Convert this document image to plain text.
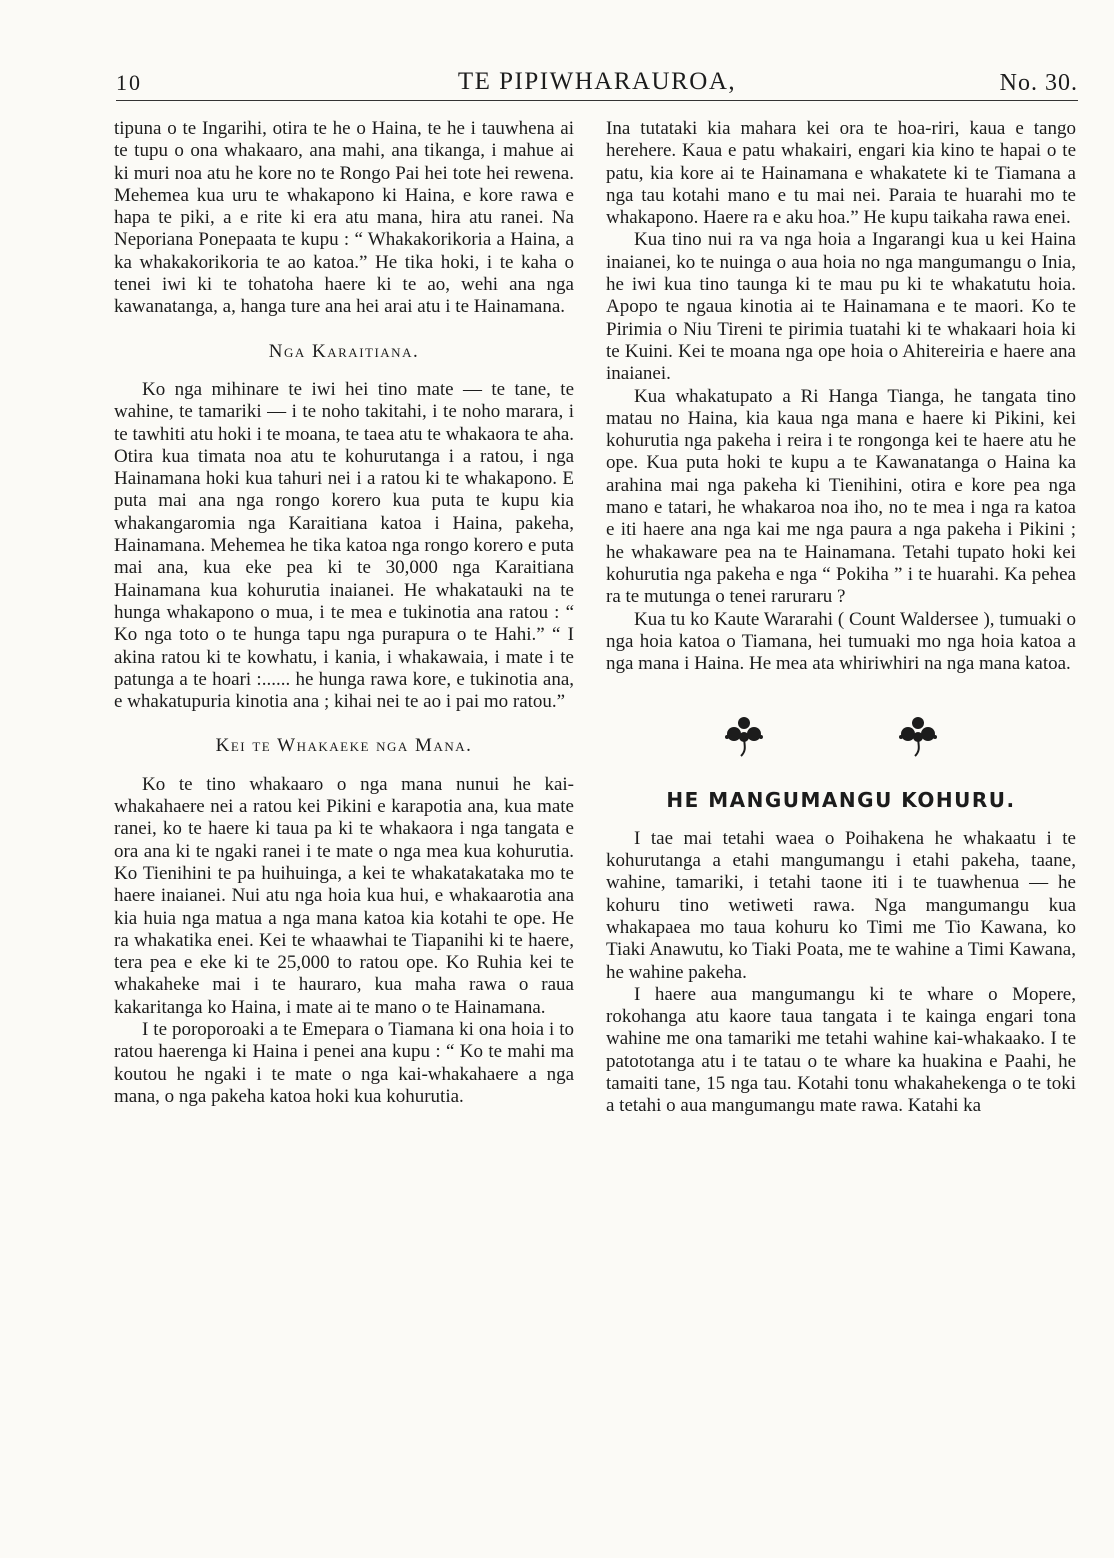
10	TE PIPIWHARAUROA,	No. 30.

tipuna o te Ingarihi, otira te he o Haina, te he i tauwhena ai te tupu o ona whakaaro, ana mahi, ana tikanga, i mahue ai ki muri noa atu he kore no te Rongo Pai hei tote hei rewena. Mehemea kua uru te whakapono ki Haina, e kore rawa e hapa te piki, a e rite ki era atu mana, hira atu ranei. Na Neporiana Ponepaata te kupu : “ Whakakorikoria a Haina, a ka whakakorikoria te ao katoa.” He tika hoki, i te kaha o tenei iwi ki te tohatoha haere ki te ao, wehi ana nga kawanatanga, a, hanga ture ana hei arai atu i te Hainamana.

Nga Karaitiana.

Ko nga mihinare te iwi hei tino mate — te tane, te wahine, te tamariki — i te noho takitahi, i te noho marara, i te tawhiti atu hoki i te moana, te taea atu te whakaora te aha. Otira kua timata noa atu te kohurutanga i a ratou, i nga Hainamana hoki kua tahuri nei i a ratou ki te whakapono. E puta mai ana nga rongo korero kua puta te kupu kia whakangaromia nga Karaitiana katoa i Haina, pakeha, Hainamana. Mehemea he tika katoa nga rongo korero e puta mai ana, kua eke pea ki te 30,000 nga Karaitiana Hainamana kua kohurutia inaianei. He whakatauki na te hunga whakapono o mua, i te mea e tukinotia ana ratou : “ Ko nga toto o te hunga tapu nga purapura o te Hahi.” “ I akina ratou ki te kowhatu, i kania, i whakawaia, i mate i te patunga a te hoari :...... he hunga rawa kore, e tukinotia ana, e whakatupuria kinotia ana ; kihai nei te ao i pai mo ratou.”

Kei te Whakaeke nga Mana.

Ko te tino whakaaro o nga mana nunui he kai-whakahaere nei a ratou kei Pikini e karapotia ana, kua mate ranei, ko te haere ki taua pa ki te whakaora i nga tangata e ora ana ki te ngaki ranei i te mate o nga mea kua kohurutia. Ko Tienihini te pa huihuinga, a kei te whakatakataka mo te haere inaianei. Nui atu nga hoia kua hui, e whakaarotia ana kia huia nga matua a nga mana katoa kia kotahi te ope. He ra whakatika enei. Kei te whaawhai te Tiapanihi ki te haere, tera pea e eke ki te 25,000 to ratou ope. Ko Ruhia kei te whakaheke mai i te hauraro, kua maha rawa o raua kakaritanga ko Haina, i mate ai te mano o te Hainamana.

I te poroporoaki a te Emepara o Tiamana ki ona hoia i to ratou haerenga ki Haina i penei ana kupu : “ Ko te mahi ma koutou he ngaki i te mate o nga kai-whakahaere a nga mana, o nga pakeha katoa hoki kua kohurutia.

Ina tutataki kia mahara kei ora te hoa-riri, kaua e tango herehere. Kaua e patu whakairi, engari kia kino te hapai o te patu, kia kore ai te Hainamana e whakatete ki te Tiamana a nga tau kotahi mano e tu mai nei. Paraia te huarahi mo te whakapono. Haere ra e aku hoa.” He kupu taikaha rawa enei.

Kua tino nui ra va nga hoia a Ingarangi kua u kei Haina inaianei, ko te nuinga o aua hoia no nga mangumangu o Inia, he iwi kua tino taunga ki te mau pu ki te whakatutu hoia. Apopo te ngaua kinotia ai te Hainamana e te maori. Ko te Pirimia o Niu Tireni te pirimia tuatahi ki te whakaari hoia ki te Kuini. Kei te moana nga ope hoia o Ahitereiria e haere ana inaianei.

Kua whakatupato a Ri Hanga Tianga, he tangata tino matau no Haina, kia kaua nga mana e haere ki Pikini, kei kohurutia nga pakeha i reira i te rongonga kei te haere atu he ope. Kua puta hoki te kupu a te Kawanatanga o Haina ka arahina mai nga pakeha ki Tienihini, otira e kore pea nga mano e tatari, he whakaroa noa iho, no te mea i nga ra katoa e iti haere ana nga kai me nga paura a nga pakeha i Pikini ; he whakaware pea na te Hainamana. Tetahi tupato hoki kei kohurutia nga pakeha e nga “ Pokiha ” i te huarahi. Ka pehea ra te mutunga o tenei raruraru ?

Kua tu ko Kaute Wararahi ( Count Waldersee ), tumuaki o nga hoia katoa o Tiamana, hei tumuaki mo nga hoia katoa a nga mana i Haina. He mea ata whiriwhiri na nga mana katoa.

HE MANGUMANGU KOHURU.

I tae mai tetahi waea o Poihakena he whakaatu i te kohurutanga a etahi mangumangu i etahi pakeha, taane, wahine, tamariki, i tetahi taone iti i te tuawhenua — he kohuru tino wetiweti rawa. Nga mangumangu kua whakapaea mo taua kohuru ko Timi me Tio Kawana, ko Tiaki Anawutu, ko Tiaki Poata, me te wahine a Timi Kawana, he wahine pakeha.

I haere aua mangumangu ki te whare o Mopere, rokohanga atu kaore taua tangata i te kainga engari tona wahine me ona tamariki me tetahi wahine kai-whakaako. I te patototanga atu i te tatau o te whare ka huakina e Paahi, he tamaiti tane, 15 nga tau. Kotahi tonu whakahekenga o te toki a tetahi o aua mangumangu mate rawa. Katahi ka
